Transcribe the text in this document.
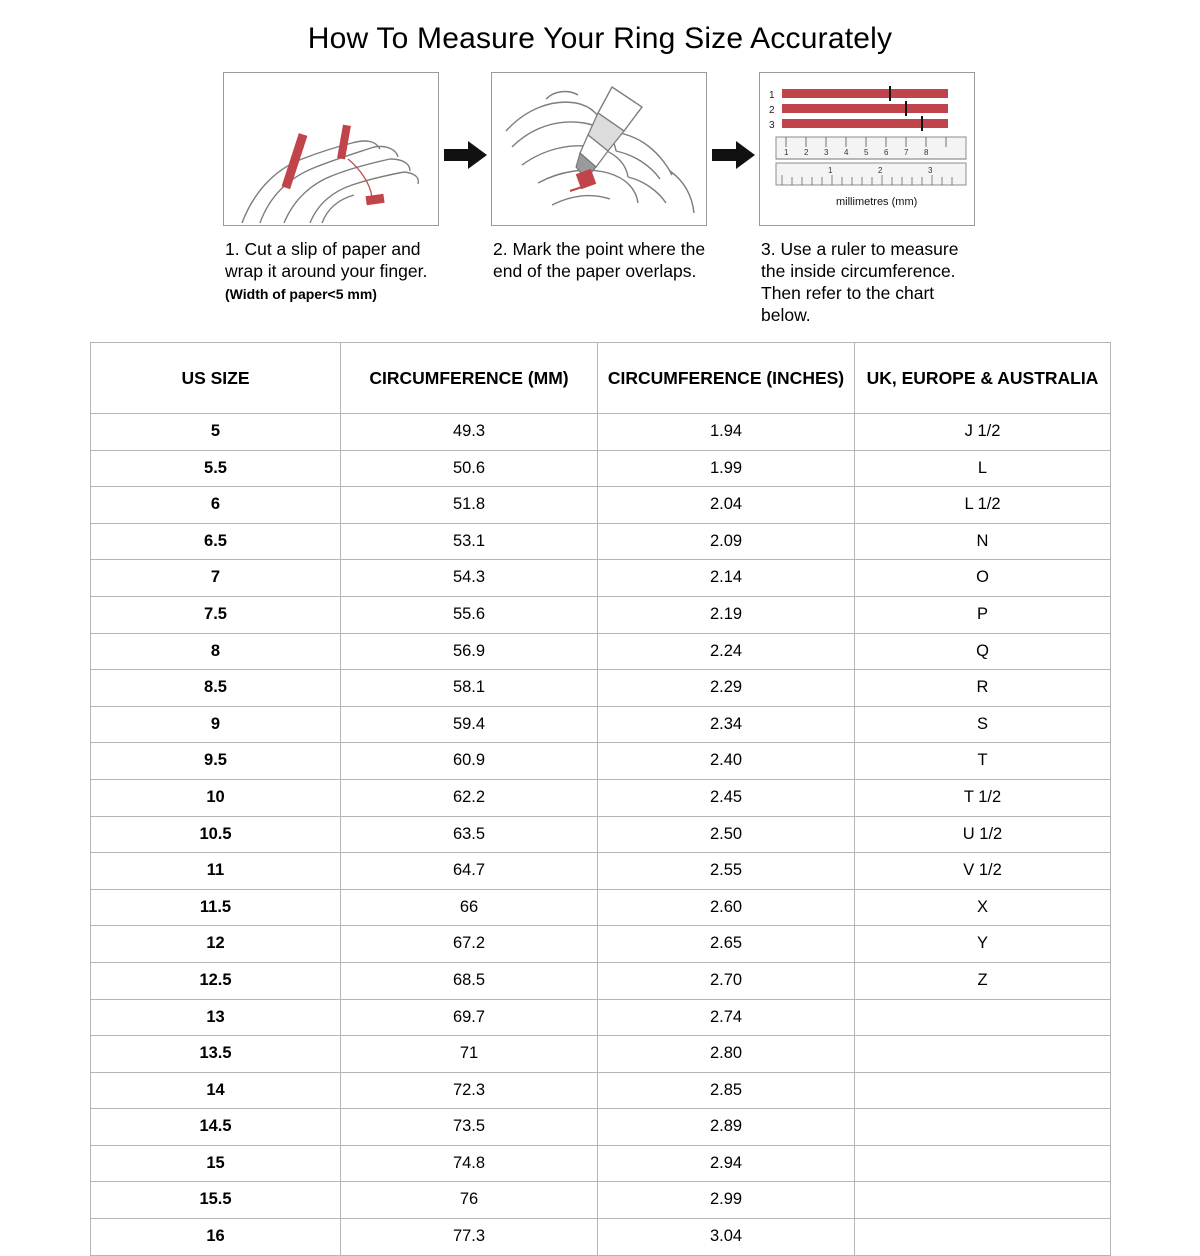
How To Measure Your Ring Size Accurately
1. Cut a slip of paper and wrap it around your finger.
(Width of paper<5 mm)
2. Mark the point where the end of the paper overlaps.
1
2
3
1 2 3 4 5 6 7 8
1	2	3
millimetres (mm)
3. Use a ruler to measure the inside circumference. Then refer to the chart below.
US SIZE	CIRCUMFERENCE (MM)	CIRCUMFERENCE (INCHES)	UK, EUROPE & AUSTRALIA
5	49.3	1.94	J 1/2
5.5	50.6	1.99	L
6	51.8	2.04	L 1/2
6.5	53.1	2.09	N
7	54.3	2.14	O
7.5	55.6	2.19	P
8	56.9	2.24	Q
8.5	58.1	2.29	R
9	59.4	2.34	S
9.5	60.9	2.40	T
10	62.2	2.45	T 1/2
10.5	63.5	2.50	U 1/2
11	64.7	2.55	V 1/2
11.5	66	2.60	X
12	67.2	2.65	Y
12.5	68.5	2.70	Z
13	69.7	2.74	
13.5	71	2.80	
14	72.3	2.85	
14.5	73.5	2.89	
15	74.8	2.94	
15.5	76	2.99	
16	77.3	3.04	
